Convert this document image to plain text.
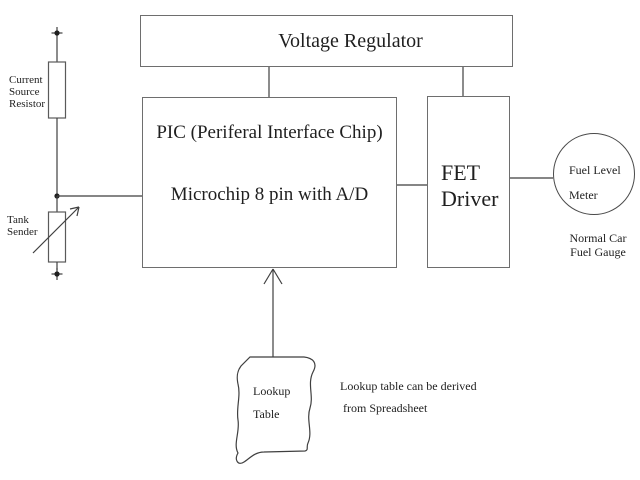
Voltage Regulator
PIC (Periferal Interface Chip)
Microchip 8 pin with A/D
FET
Driver
Fuel Level
Meter
Normal Car
Fuel Gauge
Current
Source
Resistor
Tank
Sender
Lookup
Table
Lookup table can be derived
from Spreadsheet
